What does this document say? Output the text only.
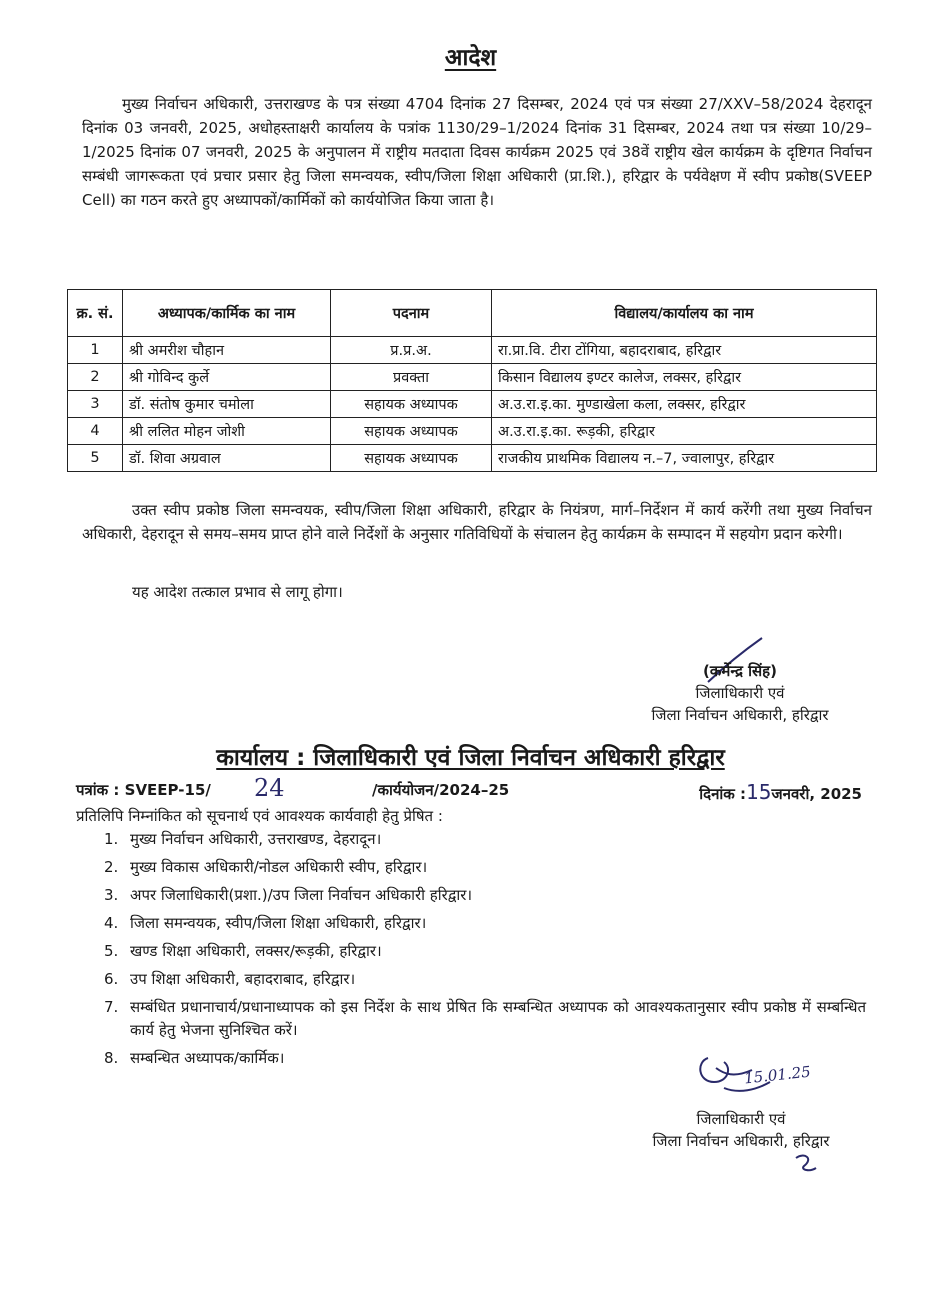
आदेश
मुख्य निर्वाचन अधिकारी, उत्तराखण्ड के पत्र संख्या 4704 दिनांक 27 दिसम्बर, 2024 एवं पत्र संख्या 27/XXV–58/2024 देहरादून दिनांक 03 जनवरी, 2025, अधोहस्ताक्षरी कार्यालय के पत्रांक 1130/29–1/2024 दिनांक 31 दिसम्बर, 2024 तथा पत्र संख्या 10/29–1/2025 दिनांक 07 जनवरी, 2025 के अनुपालन में राष्ट्रीय मतदाता दिवस कार्यक्रम 2025 एवं 38वें राष्ट्रीय खेल कार्यक्रम के दृष्टिगत निर्वाचन सम्बंधी जागरूकता एवं प्रचार प्रसार हेतु जिला समन्वयक, स्वीप/जिला शिक्षा अधिकारी (प्रा.शि.), हरिद्वार के पर्यवेक्षण में स्वीप प्रकोष्ठ(SVEEP Cell) का गठन करते हुए अध्यापकों/कार्मिकों को कार्ययोजित किया जाता है।
क्र. सं.	अध्यापक/कार्मिक का नाम	पदनाम	विद्यालय/कार्यालय का नाम
1	श्री अमरीश चौहान	प्र.प्र.अ.	रा.प्रा.वि. टीरा टोंगिया, बहादराबाद, हरिद्वार
2	श्री गोविन्द कुर्ले	प्रवक्ता	किसान विद्यालय इण्टर कालेज, लक्सर, हरिद्वार
3	डॉ. संतोष कुमार चमोला	सहायक अध्यापक	अ.उ.रा.इ.का. मुण्डाखेला कला, लक्सर, हरिद्वार
4	श्री ललित मोहन जोशी	सहायक अध्यापक	अ.उ.रा.इ.का. रूड़की, हरिद्वार
5	डॉ. शिवा अग्रवाल	सहायक अध्यापक	राजकीय प्राथमिक विद्यालय न.–7, ज्वालापुर, हरिद्वार
उक्त स्वीप प्रकोष्ठ जिला समन्वयक, स्वीप/जिला शिक्षा अधिकारी, हरिद्वार के नियंत्रण, मार्ग–निर्देशन में कार्य करेंगी तथा मुख्य निर्वाचन अधिकारी, देहरादून से समय–समय प्राप्त होने वाले निर्देशों के अनुसार गतिविधियों के संचालन हेतु कार्यक्रम के सम्पादन में सहयोग प्रदान करेगी।
यह आदेश तत्काल प्रभाव से लागू होगा।
(कर्मेन्द्र सिंह)
जिलाधिकारी एवं
जिला निर्वाचन अधिकारी, हरिद्वार
कार्यालय : जिलाधिकारी एवं जिला निर्वाचन अधिकारी हरिद्वार
पत्रांक : SVEEP-15/ 24	/कार्ययोजन/2024–25	दिनांक :15जनवरी, 2025
प्रतिलिपि निम्नांकित को सूचनार्थ एवं आवश्यक कार्यवाही हेतु प्रेषित :
1. मुख्य निर्वाचन अधिकारी, उत्तराखण्ड, देहरादून।
2. मुख्य विकास अधिकारी/नोडल अधिकारी स्वीप, हरिद्वार।
3. अपर जिलाधिकारी(प्रशा.)/उप जिला निर्वाचन अधिकारी हरिद्वार।
4. जिला समन्वयक, स्वीप/जिला शिक्षा अधिकारी, हरिद्वार।
5. खण्ड शिक्षा अधिकारी, लक्सर/रूड़की, हरिद्वार।
6. उप शिक्षा अधिकारी, बहादराबाद, हरिद्वार।
7. सम्बंधित प्रधानाचार्य/प्रधानाध्यापक को इस निर्देश के साथ प्रेषित कि सम्बन्धित अध्यापक को आवश्यकतानुसार स्वीप प्रकोष्ठ में सम्बन्धित कार्य हेतु भेजना सुनिश्चित करें।
8. सम्बन्धित अध्यापक/कार्मिक।
15.01.25
जिलाधिकारी एवं
जिला निर्वाचन अधिकारी, हरिद्वार
